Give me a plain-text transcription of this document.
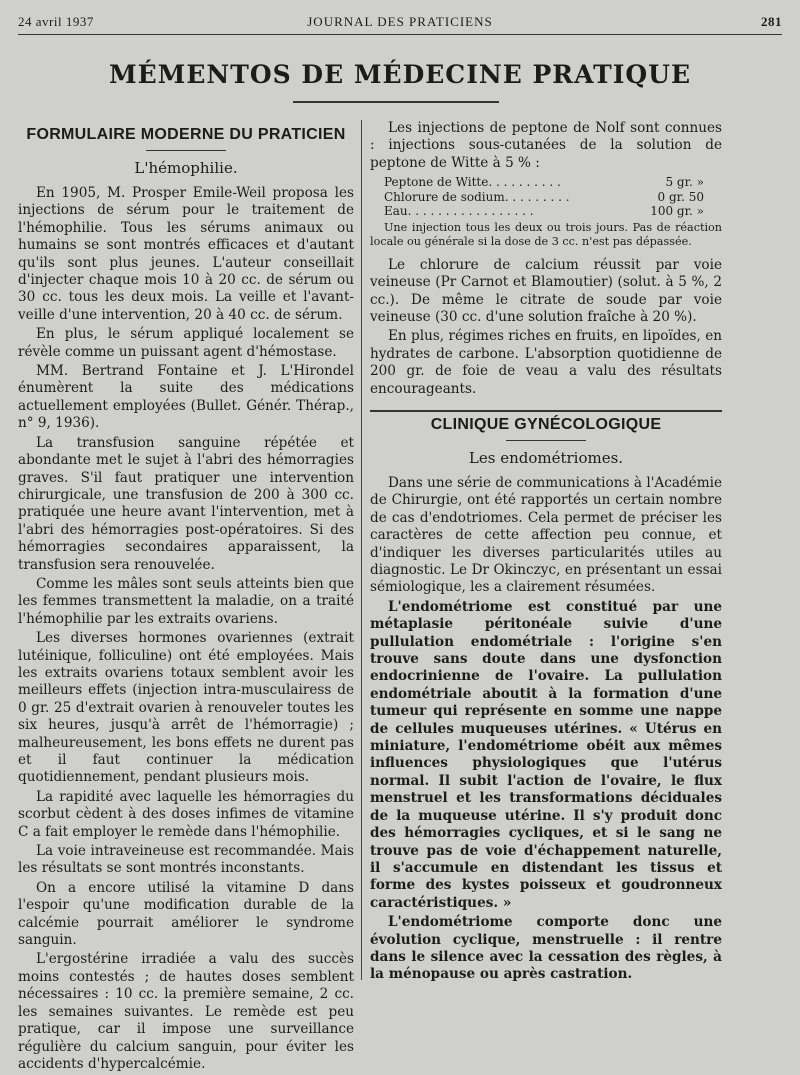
24 avril 1937	JOURNAL DES PRATICIENS	281
MÉMENTOS DE MÉDECINE PRATIQUE
FORMULAIRE MODERNE DU PRATICIEN
L'hémophilie.

En 1905, M. Prosper Emile-Weil proposa les injections de sérum pour le traitement de l'hémophilie. Tous les sérums animaux ou humains se sont montrés efficaces et d'autant qu'ils sont plus jeunes. L'auteur conseillait d'injecter chaque mois 10 à 20 cc. de sérum ou 30 cc. tous les deux mois. La veille et l'avant-veille d'une intervention, 20 à 40 cc. de sérum.

En plus, le sérum appliqué localement se révèle comme un puissant agent d'hémostase.

MM. Bertrand Fontaine et J. L'Hirondel énumèrent la suite des médications actuellement employées (Bullet. Génér. Thérap., n° 9, 1936).

La transfusion sanguine répétée et abondante met le sujet à l'abri des hémorragies graves. S'il faut pratiquer une intervention chirurgicale, une transfusion de 200 à 300 cc. pratiquée une heure avant l'intervention, met à l'abri des hémorragies post-opératoires. Si des hémorragies secondaires apparaissent, la transfusion sera renouvelée.

Comme les mâles sont seuls atteints bien que les femmes transmettent la maladie, on a traité l'hémophilie par les extraits ovariens.

Les diverses hormones ovariennes (extrait lutéinique, folliculine) ont été employées. Mais les extraits ovariens totaux semblent avoir les meilleurs effets (injection intra-musculairess de 0 gr. 25 d'extrait ovarien à renouveler toutes les six heures, jusqu'à arrêt de l'hémorragie) ; malheureusement, les bons effets ne durent pas et il faut continuer la médication quotidiennement, pendant plusieurs mois.

La rapidité avec laquelle les hémorragies du scorbut cèdent à des doses infimes de vitamine C a fait employer le remède dans l'hémophilie.

La voie intraveineuse est recommandée. Mais les résultats se sont montrés inconstants.

On a encore utilisé la vitamine D dans l'espoir qu'une modification durable de la calcémie pourrait améliorer le syndrome sanguin.

L'ergostérine irradiée a valu des succès moins contestés ; de hautes doses semblent nécessaires : 10 cc. la première semaine, 2 cc. les semaines suivantes. Le remède est peu pratique, car il impose une surveillance régulière du calcium sanguin, pour éviter les accidents d'hypercalcémie.

Les injections de peptone de Nolf sont connues : injections sous-cutanées de la solution de peptone de Witte à 5 % :

Peptone de Witte. . . . . . . . . .	5 gr. »
Chlorure de sodium. . . . . . . . .	0 gr. 50
Eau. . . . . . . . . . . . . . . . .	100 gr. »
Une injection tous les deux ou trois jours. Pas de réaction locale ou générale si la dose de 3 cc. n'est pas dépassée.

Le chlorure de calcium réussit par voie veineuse (Pr Carnot et Blamoutier) (solut. à 5 %, 2 cc.). De même le citrate de soude par voie veineuse (30 cc. d'une solution fraîche à 20 %).

En plus, régimes riches en fruits, en lipoïdes, en hydrates de carbone. L'absorption quotidienne de 200 gr. de foie de veau a valu des résultats encourageants.

CLINIQUE GYNÉCOLOGIQUE
Les endométriomes.

Dans une série de communications à l'Académie de Chirurgie, ont été rapportés un certain nombre de cas d'endotriomes. Cela permet de préciser les caractères de cette affection peu connue, et d'indiquer les diverses particularités utiles au diagnostic. Le Dr Okinczyc, en présentant un essai sémiologique, les a clairement résumées.

L'endométriome est constitué par une métaplasie péritonéale suivie d'une pullulation endométriale : l'origine s'en trouve sans doute dans une dysfonction endocrinienne de l'ovaire. La pullulation endométriale aboutit à la formation d'une tumeur qui représente en somme une nappe de cellules muqueuses utérines. « Utérus en miniature, l'endométriome obéit aux mêmes influences physiologiques que l'utérus normal. Il subit l'action de l'ovaire, le flux menstruel et les transformations déciduales de la muqueuse utérine. Il s'y produit donc des hémorragies cycliques, et si le sang ne trouve pas de voie d'échappement naturelle, il s'accumule en distendant les tissus et forme des kystes poisseux et goudronneux caractéristiques. »

L'endométriome comporte donc une évolution cyclique, menstruelle : il rentre dans le silence avec la cessation des règles, à la ménopause ou après castration.
